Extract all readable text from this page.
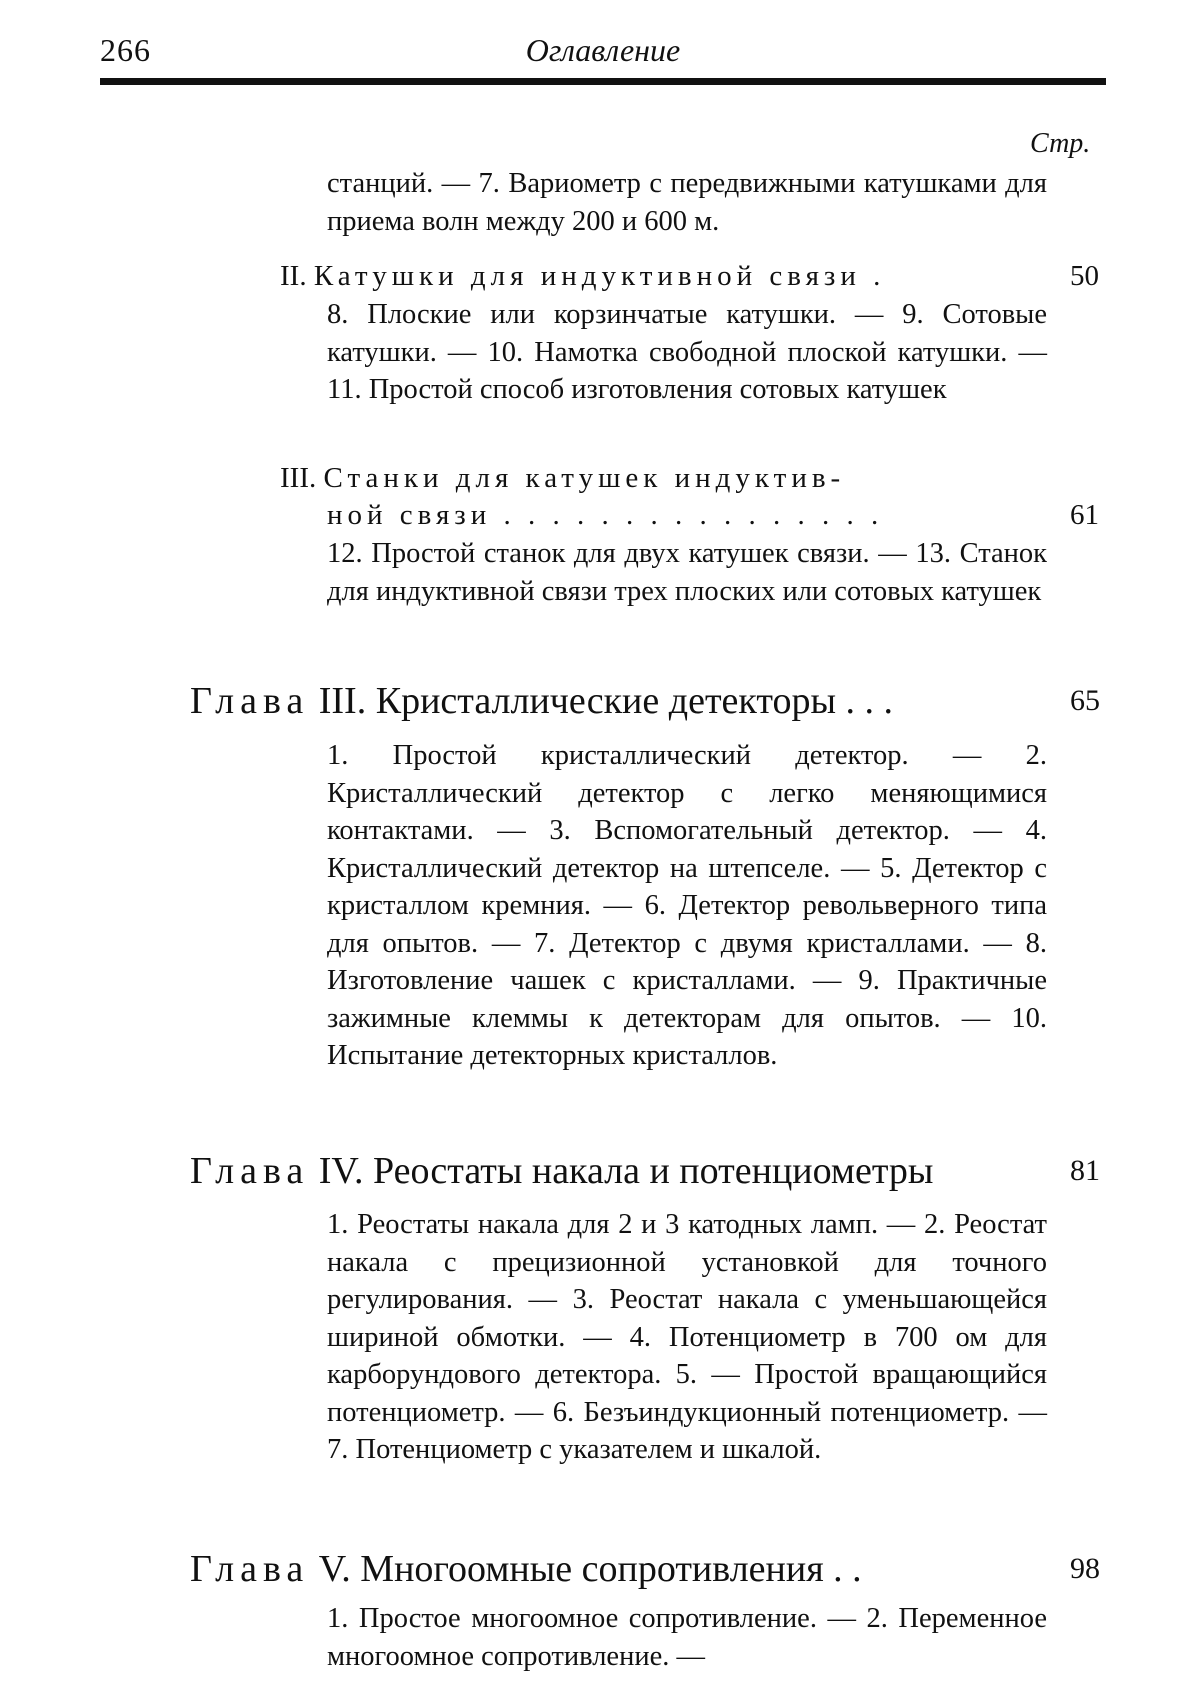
266	Оглавление
Стр.

станций. — 7. Вариометр с передвижными катушками для приема волн между 200 и 600 м.

II. Катушки для индуктивной связи .	50

8. Плоские или корзинчатые катушки. — 9. Сотовые катушки. — 10. Намотка свободной плоской катушки. — 11. Простой способ изготовления сотовых катушек

III. Станки для катушек индуктив-
ной связи . . . . . . . . . . . . . . . .	61

12. Простой станок для двух катушек связи. — 13. Станок для индуктивной связи трех плоских или сотовых катушек

Глава III. Кристаллические детекторы . . .	65

1. Простой кристаллический детектор. — 2. Кристаллический детектор с легко меняющимися контактами. — 3. Вспомогательный детектор. — 4. Кристаллический детектор на штепселе. — 5. Детектор с кристаллом кремния. — 6. Детектор револьверного типа для опытов. — 7. Детектор с двумя кристаллами. — 8. Изготовление чашек с кристаллами. — 9. Практичные зажимные клеммы к детекторам для опытов. — 10. Испытание детекторных кристаллов.

Глава IV. Реостаты накала и потенциометры	81

1. Реостаты накала для 2 и 3 катодных ламп. — 2. Реостат накала с прецизионной установкой для точного регулирования. — 3. Реостат накала с уменьшающейся шириной обмотки. — 4. Потенциометр в 700 ом для карборундового детектора. 5. — Простой вращающийся потенциометр. — 6. Безъиндукционный потенциометр. — 7. Потенциометр с указателем и шкалой.

Глава V. Многоомные сопротивления . .	98

1. Простое многоомное сопротивление. — 2. Переменное многоомное сопротивление. —
